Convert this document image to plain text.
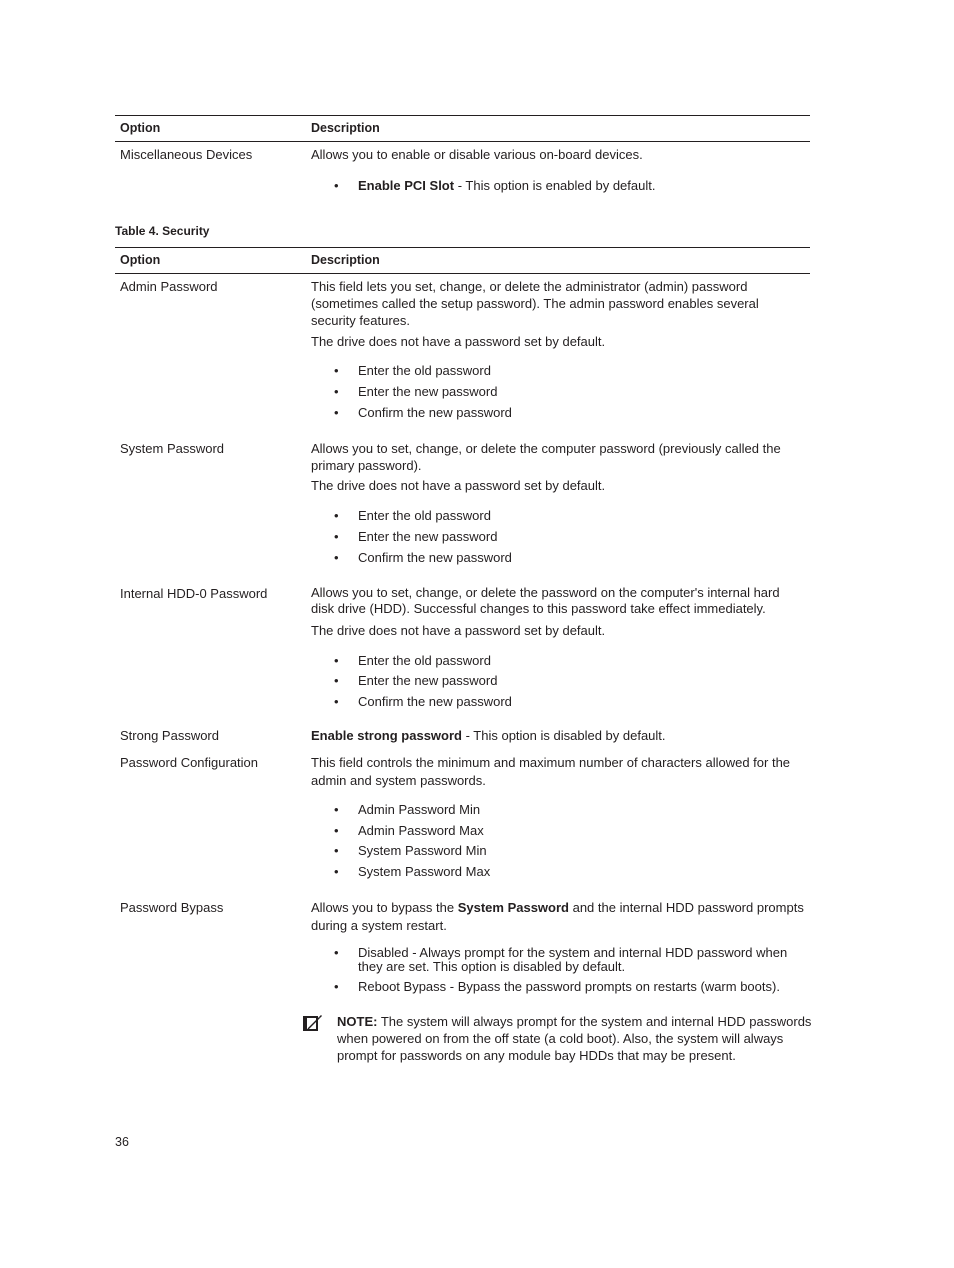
Option	Description
Miscellaneous Devices	Allows you to enable or disable various on-board devices.

• Enable PCI Slot - This option is enabled by default.
Table 4. Security
Option	Description
Admin Password	This field lets you set, change, or delete the administrator (admin) password (sometimes called the setup password). The admin password enables several security features.

The drive does not have a password set by default.

• Enter the old password
• Enter the new password
• Confirm the new password
System Password	Allows you to set, change, or delete the computer password (previously called the primary password).

The drive does not have a password set by default.

• Enter the old password
• Enter the new password
• Confirm the new password
Internal HDD-0 Password	Allows you to set, change, or delete the password on the computer's internal hard disk drive (HDD). Successful changes to this password take effect immediately.

The drive does not have a password set by default.

• Enter the old password
• Enter the new password
• Confirm the new password
Strong Password	Enable strong password - This option is disabled by default.

Password Configuration	This field controls the minimum and maximum number of characters allowed for the admin and system passwords.

• Admin Password Min
• Admin Password Max
• System Password Min
• System Password Max
Password Bypass	Allows you to bypass the System Password and the internal HDD password prompts during a system restart.

• Disabled - Always prompt for the system and internal HDD password when they are set. This option is disabled by default.
• Reboot Bypass - Bypass the password prompts on restarts (warm boots).
NOTE: The system will always prompt for the system and internal HDD passwords when powered on from the off state (a cold boot). Also, the system will always prompt for passwords on any module bay HDDs that may be present.
36
